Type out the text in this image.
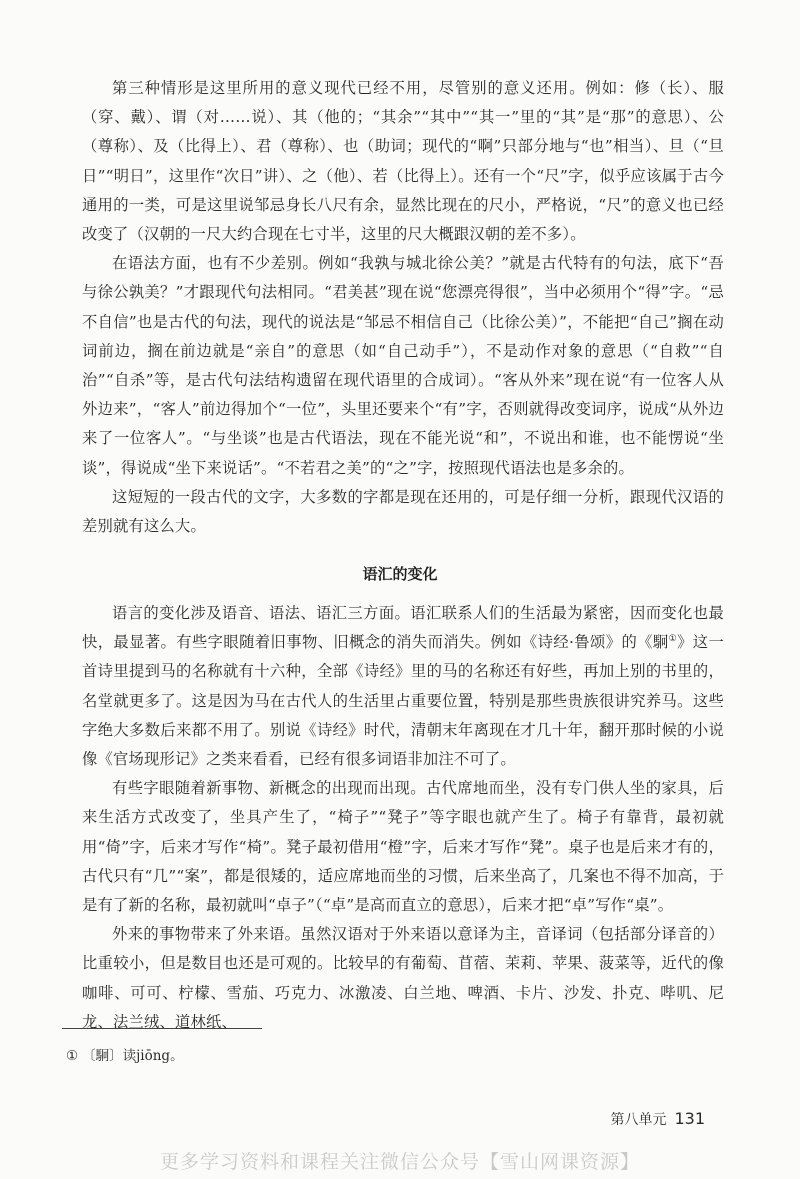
第三种情形是这里所用的意义现代已经不用，尽管别的意义还用。例如：修（长）、服（穿、戴）、谓（对……说）、其（他的；“其余”“其中”“其一”里的“其”是“那”的意思）、公（尊称）、及（比得上）、君（尊称）、也（助词；现代的“啊”只部分地与“也”相当）、旦（“旦日”“明日”，这里作“次日”讲）、之（他）、若（比得上）。还有一个“尺”字，似乎应该属于古今通用的一类，可是这里说邹忌身长八尺有余，显然比现在的尺小，严格说，“尺”的意义也已经改变了（汉朝的一尺大约合现在七寸半，这里的尺大概跟汉朝的差不多）。

在语法方面，也有不少差别。例如“我孰与城北徐公美？”就是古代特有的句法，底下“吾与徐公孰美？”才跟现代句法相同。“君美甚”现在说“您漂亮得很”，当中必须用个“得”字。“忌不自信”也是古代的句法，现代的说法是“邹忌不相信自己（比徐公美）”，不能把“自己”搁在动词前边，搁在前边就是“亲自”的意思（如“自己动手”），不是动作对象的意思（“自救”“自治”“自杀”等，是古代句法结构遗留在现代语里的合成词）。“客从外来”现在说“有一位客人从外边来”，“客人”前边得加个“一位”，头里还要来个“有”字，否则就得改变词序，说成“从外边来了一位客人”。“与坐谈”也是古代语法，现在不能光说“和”，不说出和谁，也不能愣说“坐谈”，得说成“坐下来说话”。“不若君之美”的“之”字，按照现代语法也是多余的。

这短短的一段古代的文字，大多数的字都是现在还用的，可是仔细一分析，跟现代汉语的差别就有这么大。

语汇的变化

语言的变化涉及语音、语法、语汇三方面。语汇联系人们的生活最为紧密，因而变化也最快，最显著。有些字眼随着旧事物、旧概念的消失而消失。例如《诗经·鲁颂》的《駉①》这一首诗里提到马的名称就有十六种，全部《诗经》里的马的名称还有好些，再加上别的书里的，名堂就更多了。这是因为马在古代人的生活里占重要位置，特别是那些贵族很讲究养马。这些字绝大多数后来都不用了。别说《诗经》时代，清朝末年离现在才几十年，翻开那时候的小说像《官场现形记》之类来看看，已经有很多词语非加注不可了。

有些字眼随着新事物、新概念的出现而出现。古代席地而坐，没有专门供人坐的家具，后来生活方式改变了，坐具产生了，“椅子”“凳子”等字眼也就产生了。椅子有靠背，最初就用“倚”字，后来才写作“椅”。凳子最初借用“橙”字，后来才写作“凳”。桌子也是后来才有的，古代只有“几”“案”，都是很矮的，适应席地而坐的习惯，后来坐高了，几案也不得不加高，于是有了新的名称，最初就叫“卓子”（“卓”是高而直立的意思），后来才把“卓”写作“桌”。

外来的事物带来了外来语。虽然汉语对于外来语以意译为主，音译词（包括部分译音的）比重较小，但是数目也还是可观的。比较早的有葡萄、苜蓿、茉莉、苹果、菠菜等，近代的像咖啡、可可、柠檬、雪茄、巧克力、冰激凌、白兰地、啤酒、卡片、沙发、扑克、哔叽、尼龙、法兰绒、道林纸、

① 〔駉〕读jiōng。
第八单元 131
更多学习资料和课程关注微信公众号【雪山网课资源】
